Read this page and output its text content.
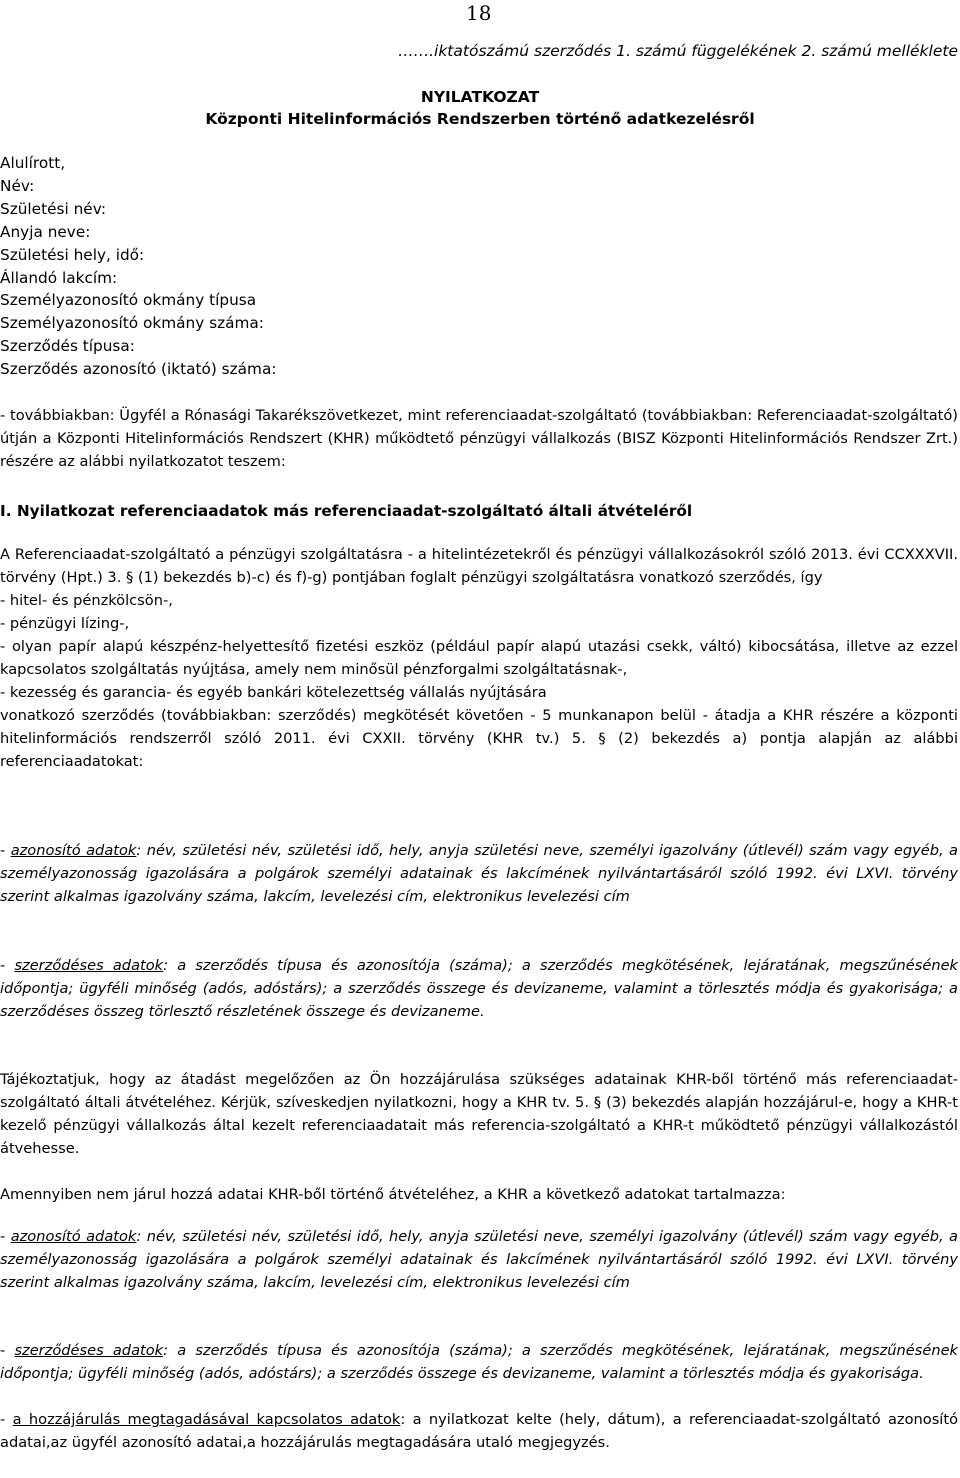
18
…….iktatószámú szerződés 1. számú függelékének 2. számú melléklete
NYILATKOZAT
Központi Hitelinformációs Rendszerben történő adatkezelésről
Alulírott,
Név:
Születési név:
Anyja neve:
Születési hely, idő:
Állandó lakcím:
Személyazonosító okmány típusa
Személyazonosító okmány száma:
Szerződés típusa:
Szerződés azonosító (iktató) száma:
- továbbiakban: Ügyfél a Rónasági Takarékszövetkezet, mint referenciaadat-szolgáltató (továbbiakban: Referenciaadat-szolgáltató) útján a Központi Hitelinformációs Rendszert (KHR) működtető pénzügyi vállalkozás (BISZ Központi Hitelinformációs Rendszer Zrt.) részére az alábbi nyilatkozatot teszem:
I. Nyilatkozat referenciaadatok más referenciaadat-szolgáltató általi átvételéről
A Referenciaadat-szolgáltató a pénzügyi szolgáltatásra - a hitelintézetekről és pénzügyi vállalkozásokról szóló 2013. évi CCXXXVII. törvény (Hpt.) 3. § (1) bekezdés b)-c) és f)-g) pontjában foglalt pénzügyi szolgáltatásra vonatkozó szerződés, így
- hitel- és pénzkölcsön-,
- pénzügyi lízing-,
- olyan papír alapú készpénz-helyettesítő fizetési eszköz (például papír alapú utazási csekk, váltó) kibocsátása, illetve az ezzel kapcsolatos szolgáltatás nyújtása, amely nem minősül pénzforgalmi szolgáltatásnak-,
- kezesség és garancia- és egyéb bankári kötelezettség vállalás nyújtására
vonatkozó szerződés (továbbiakban: szerződés) megkötését követően - 5 munkanapon belül - átadja a KHR részére a központi hitelinformációs rendszerről szóló 2011. évi CXXII. törvény (KHR tv.) 5. § (2) bekezdés a) pontja alapján az alábbi referenciaadatokat:
- azonosító adatok: név, születési név, születési idő, hely, anyja születési neve, személyi igazolvány (útlevél) szám vagy egyéb, a személyazonosság igazolására a polgárok személyi adatainak és lakcímének nyilvántartásáról szóló 1992. évi LXVI. törvény szerint alkalmas igazolvány száma, lakcím, levelezési cím, elektronikus levelezési cím
- szerződéses adatok: a szerződés típusa és azonosítója (száma); a szerződés megkötésének, lejáratának, megszűnésének időpontja; ügyféli minőség (adós, adóstárs); a szerződés összege és devizaneme, valamint a törlesztés módja és gyakorisága; a szerződéses összeg törlesztő részletének összege és devizaneme.
Tájékoztatjuk, hogy az átadást megelőzően az Ön hozzájárulása szükséges adatainak KHR-ből történő más referenciaadat-szolgáltató általi átvételéhez. Kérjük, szíveskedjen nyilatkozni, hogy a KHR tv. 5. § (3) bekezdés alapján hozzájárul-e, hogy a KHR-t kezelő pénzügyi vállalkozás által kezelt referenciaadatait más referencia-szolgáltató a KHR-t működtető pénzügyi vállalkozástól átvehesse.
Amennyiben nem járul hozzá adatai KHR-ből történő átvételéhez, a KHR a következő adatokat tartalmazza:
- azonosító adatok: név, születési név, születési idő, hely, anyja születési neve, személyi igazolvány (útlevél) szám vagy egyéb, a személyazonosság igazolására a polgárok személyi adatainak és lakcímének nyilvántartásáról szóló 1992. évi LXVI. törvény szerint alkalmas igazolvány száma, lakcím, levelezési cím, elektronikus levelezési cím
- szerződéses adatok: a szerződés típusa és azonosítója (száma); a szerződés megkötésének, lejáratának, megszűnésének időpontja; ügyféli minőség (adós, adóstárs); a szerződés összege és devizaneme, valamint a törlesztés módja és gyakorisága.
- a hozzájárulás megtagadásával kapcsolatos adatok: a nyilatkozat kelte (hely, dátum), a referenciaadat-szolgáltató azonosító adatai,az ügyfél azonosító adatai,a hozzájárulás megtagadására utaló megjegyzés.
